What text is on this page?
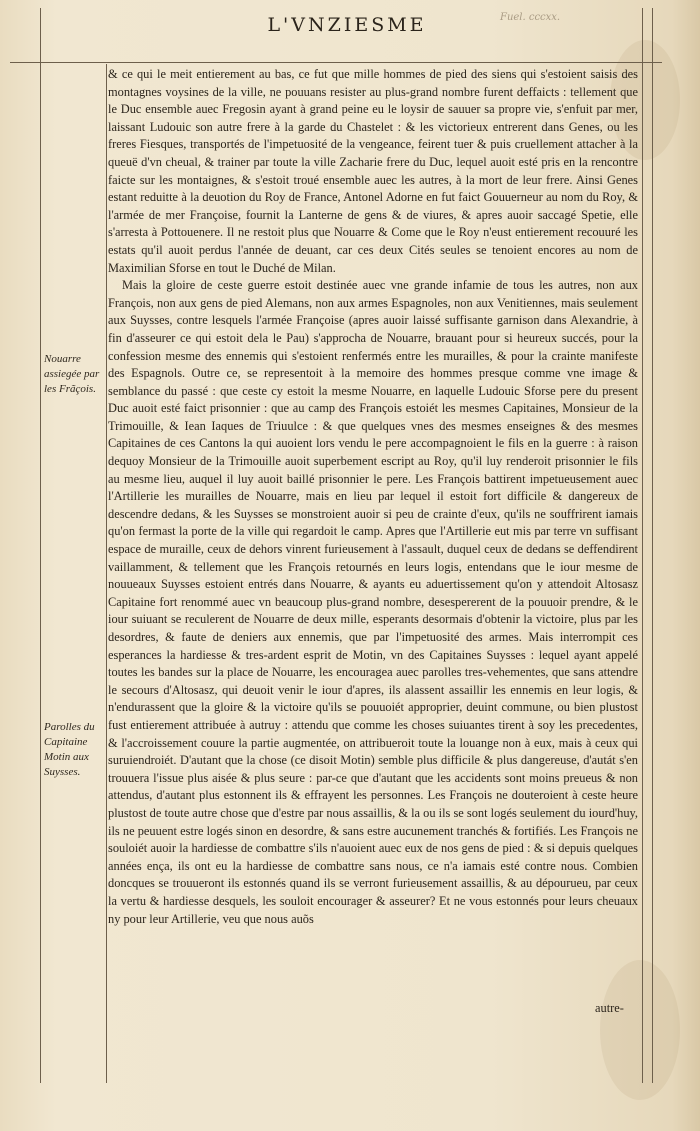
Fuel. cccxx.
L'VNZIESME
Nouarre assiegée par les Frãçois.
Parolles du Capitaine Motin aux Suysses.

& ce qui le meit entierement au bas, ce fut que mille hommes de pied des siens qui s'estoient saisis des montagnes voysines de la ville, ne pouuans resister au plus-grand nombre furent deffaicts : tellement que le Duc ensemble auec Fregosin ayant à grand peine eu le loysir de sauuer sa propre vie, s'enfuit par mer, laissant Ludouic son autre frere à la garde du Chastelet : & les victorieux entrerent dans Genes, ou les freres Fiesques, transportés de l'impetuosité de la vengeance, feirent tuer & puis cruellement attacher à la queuë d'vn cheual, & trainer par toute la ville Zacharie frere du Duc, lequel auoit esté pris en la rencontre faicte sur les montaignes, & s'estoit troué ensemble auec les autres, à la mort de leur frere. Ainsi Genes estant reduitte à la deuotion du Roy de France, Antonel Adorne en fut faict Gouuerneur au nom du Roy, & l'armée de mer Françoise, fournit la Lanterne de gens & de viures, & apres auoir saccagé Spetie, elle s'arresta à Pottouenere. Il ne restoit plus que Nouarre & Come que le Roy n'eust entierement recouuré les estats qu'il auoit perdus l'année de deuant, car ces deux Cités seules se tenoient encores au nom de Maximilian Sforse en tout le Duché de Milan.

Mais la gloire de ceste guerre estoit destinée auec vne grande infamie de tous les autres, non aux François, non aux gens de pied Alemans, non aux armes Espagnoles, non aux Venitiennes, mais seulement aux Suysses, contre lesquels l'armée Françoise (apres auoir laissé suffisante garnison dans Alexandrie, à fin d'asseurer ce qui estoit dela le Pau) s'approcha de Nouarre, brauant pour si heureux succés, pour la confession mesme des ennemis qui s'estoient renfermés entre les murailles, & pour la crainte manifeste des Espagnols. Outre ce, se representoit à la memoire des hommes presque comme vne image & semblance du passé : que ceste cy estoit la mesme Nouarre, en laquelle Ludouic Sforse pere du present Duc auoit esté faict prisonnier : que au camp des François estoiét les mesmes Capitaines, Monsieur de la Trimouille, & Iean Iaques de Triuulce : & que quelques vnes des mesmes enseignes & des mesmes Capitaines de ces Cantons la qui auoient lors vendu le pere accompagnoient le fils en la guerre : à raison dequoy Monsieur de la Trimouille auoit superbement escript au Roy, qu'il luy renderoit prisonnier le fils au mesme lieu, auquel il luy auoit baillé prisonnier le pere. Les François battirent impetueusement auec l'Artillerie les murailles de Nouarre, mais en lieu par lequel il estoit fort difficile & dangereux de descendre dedans, & les Suysses se monstroient auoir si peu de crainte d'eux, qu'ils ne souffrirent iamais qu'on fermast la porte de la ville qui regardoit le camp. Apres que l'Artillerie eut mis par terre vn suffisant espace de muraille, ceux de dehors vinrent furieusement à l'assault, duquel ceux de dedans se deffendirent vaillamment, & tellement que les François retournés en leurs logis, entendans que le iour mesme de nouueaux Suysses estoient entrés dans Nouarre, & ayants eu aduertissement qu'on y attendoit Altosasz Capitaine fort renommé auec vn beaucoup plus-grand nombre, desespererent de la pouuoir prendre, & le iour suiuant se reculerent de Nouarre de deux mille, esperants desormais d'obtenir la victoire, plus par les desordres, & faute de deniers aux ennemis, que par l'impetuosité des armes. Mais interrompit ces esperances la hardiesse & tres-ardent esprit de Motin, vn des Capitaines Suysses : lequel ayant appelé toutes les bandes sur la place de Nouarre, les encouragea auec parolles tres-vehementes, que sans attendre le secours d'Altosasz, qui deuoit venir le iour d'apres, ils alassent assaillir les ennemis en leur logis, & n'endurassent que la gloire & la victoire qu'ils se pouuoiét approprier, deuint commune, ou bien plustost fust entierement attribuée à autruy : attendu que comme les choses suiuantes tirent à soy les precedentes, & l'accroissement couure la partie augmentée, on attribueroit toute la louange non à eux, mais à ceux qui suruiendroiét. D'autant que la chose (ce disoit Motin) semble plus difficile & plus dangereuse, d'autát s'en trouuera l'issue plus aisée & plus seure : par-ce que d'autant que les accidents sont moins preueus & non attendus, d'autant plus estonnent ils & effrayent les personnes. Les François ne douteroient à ceste heure plustost de toute autre chose que d'estre par nous assaillis, & la ou ils se sont logés seulement du iourd'huy, ils ne peuuent estre logés sinon en desordre, & sans estre aucunement tranchés & fortifiés. Les François ne souloiét auoir la hardiesse de combattre s'ils n'auoient auec eux de nos gens de pied : & si depuis quelques années ença, ils ont eu la hardiesse de combattre sans nous, ce n'a iamais esté contre nous. Combien doncques se trouueront ils estonnés quand ils se verront furieusement assaillis, & au dépourueu, par ceux la vertu & hardiesse desquels, les souloit encourager & asseurer? Et ne vous estonnés pour leurs cheuaux ny pour leur Artillerie, veu que nous auõs

autre-
